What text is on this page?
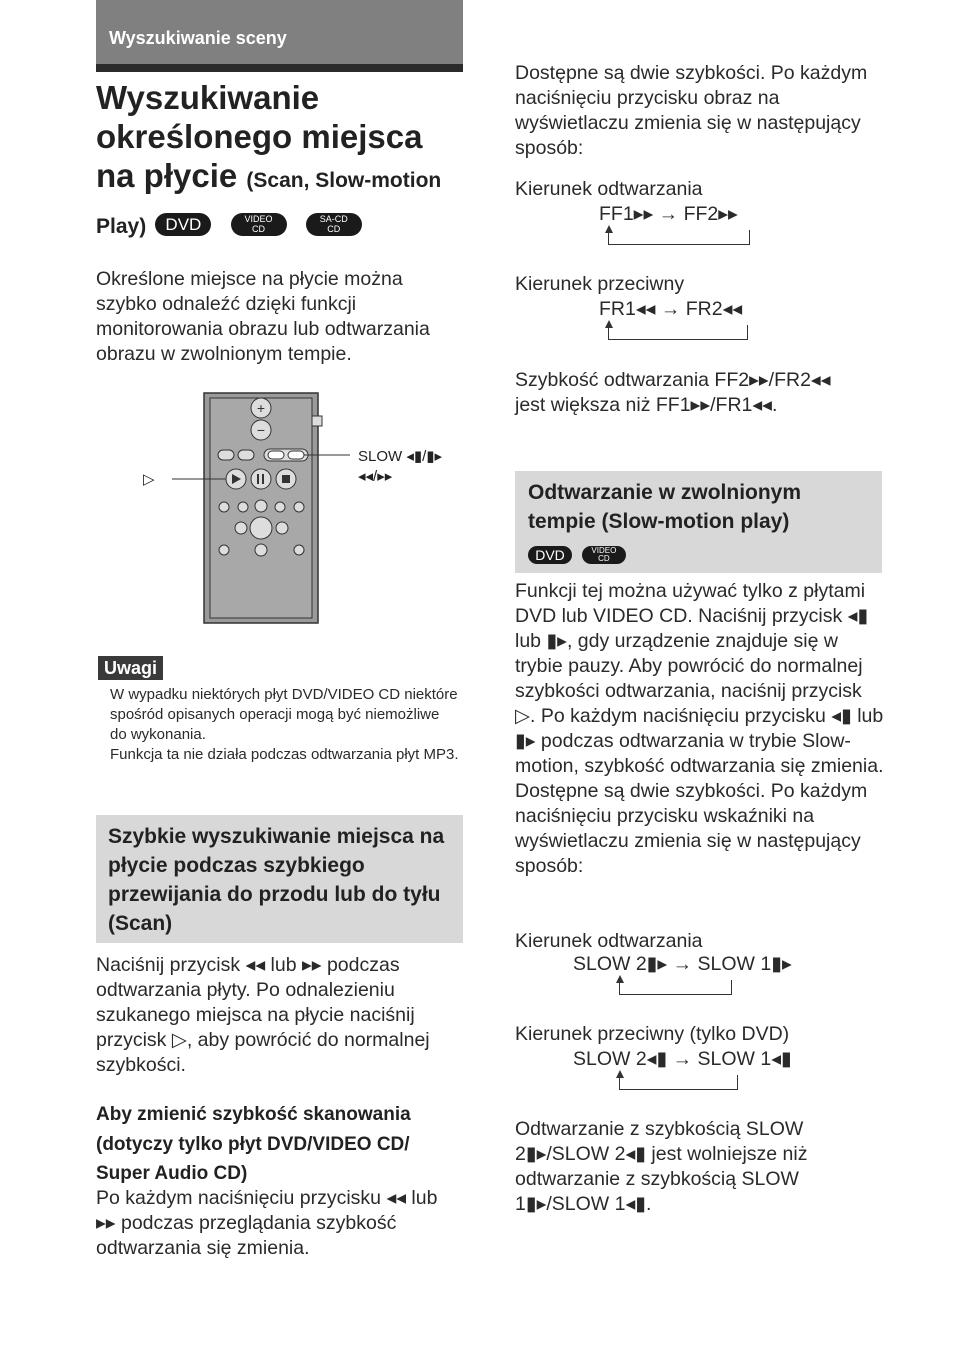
Wyszukiwanie sceny
Wyszukiwanie
określonego miejsca
na płycie (Scan, Slow-motion
Play) DVD	VIDEO
CD SA-CD
CD
Określone miejsce na płycie można szybko odnaleźć dzięki funkcji monitorowania obrazu lub odtwarzania obrazu w zwolnionym tempie.
+
−
▷
SLOW ◂▮/▮▸
◂◂/▸▸
Uwagi
W wypadku niektórych płyt DVD/VIDEO CD niektóre spośród opisanych operacji mogą być niemożliwe do wykonania.
Funkcja ta nie działa podczas odtwarzania płyt MP3.
Szybkie wyszukiwanie miejsca na płycie podczas szybkiego przewijania do przodu lub do tyłu (Scan)
Naciśnij przycisk ◂◂ lub ▸▸ podczas odtwarzania płyty. Po odnalezieniu szukanego miejsca na płycie naciśnij przycisk ▷, aby powrócić do normalnej szybkości.
Aby zmienić szybkość skanowania (dotyczy tylko płyt DVD/VIDEO CD/ Super Audio CD)
Po każdym naciśnięciu przycisku ◂◂ lub ▸▸ podczas przeglądania szybkość odtwarzania się zmienia.
Dostępne są dwie szybkości. Po każdym naciśnięciu przycisku obraz na wyświetlaczu zmienia się w następujący sposób:
Kierunek odtwarzania
FF1▸▸ → FF2▸▸
Kierunek przeciwny
FR1◂◂ → FR2◂◂
Szybkość odtwarzania FF2▸▸/FR2◂◂ jest większa niż FF1▸▸/FR1◂◂.
Odtwarzanie w zwolnionym tempie (Slow-motion play)
DVD	VIDEO
CD
Funkcji tej można używać tylko z płytami DVD lub VIDEO CD. Naciśnij przycisk ◂▮ lub ▮▸, gdy urządzenie znajduje się w trybie pauzy. Aby powrócić do normalnej szybkości odtwarzania, naciśnij przycisk ▷. Po każdym naciśnięciu przycisku ◂▮ lub ▮▸ podczas odtwarzania w trybie Slow-motion, szybkość odtwarzania się zmienia. Dostępne są dwie szybkości. Po każdym naciśnięciu przycisku wskaźniki na wyświetlaczu zmienia się w następujący sposób:
Kierunek odtwarzania
SLOW 2▮▸ → SLOW 1▮▸
Kierunek przeciwny (tylko DVD)
SLOW 2◂▮ → SLOW 1◂▮
Odtwarzanie z szybkością SLOW 2▮▸/SLOW 2◂▮ jest wolniejsze niż odtwarzanie z szybkością SLOW 1▮▸/SLOW 1◂▮.
